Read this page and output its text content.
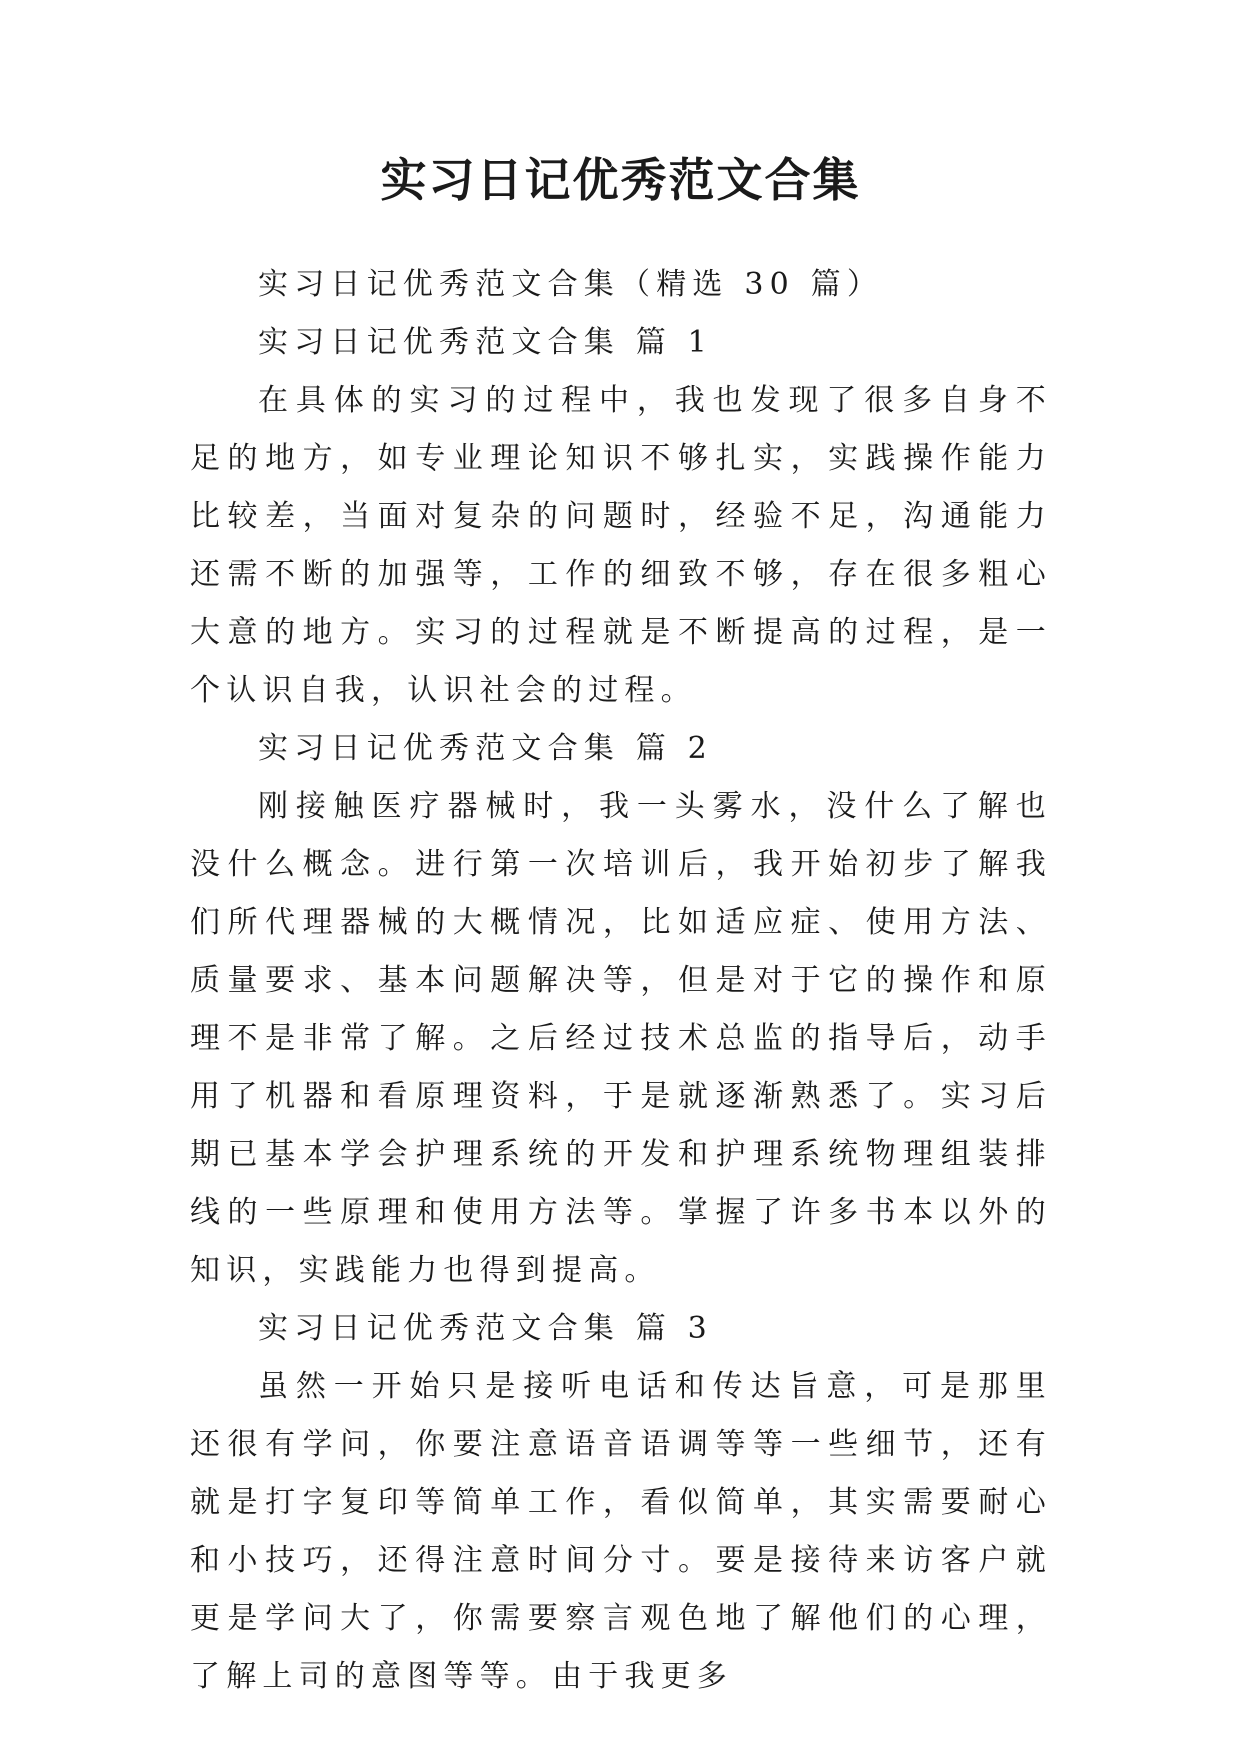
实习日记优秀范文合集

实习日记优秀范文合集（精选 30 篇）

实习日记优秀范文合集 篇 1

在具体的实习的过程中，我也发现了很多自身不足的地方，如专业理论知识不够扎实，实践操作能力比较差，当面对复杂的问题时，经验不足，沟通能力还需不断的加强等，工作的细致不够，存在很多粗心大意的地方。实习的过程就是不断提高的过程，是一个认识自我，认识社会的过程。

实习日记优秀范文合集 篇 2

刚接触医疗器械时，我一头雾水，没什么了解也没什么概念。进行第一次培训后，我开始初步了解我们所代理器械的大概情况，比如适应症、使用方法、质量要求、基本问题解决等，但是对于它的操作和原理不是非常了解。之后经过技术总监的指导后，动手用了机器和看原理资料，于是就逐渐熟悉了。实习后期已基本学会护理系统的开发和护理系统物理组装排线的一些原理和使用方法等。掌握了许多书本以外的知识，实践能力也得到提高。

实习日记优秀范文合集 篇 3

虽然一开始只是接听电话和传达旨意，可是那里还很有学问，你要注意语音语调等等一些细节，还有就是打字复印等简单工作，看似简单，其实需要耐心和小技巧，还得注意时间分寸。要是接待来访客户就更是学问大了，你需要察言观色地了解他们的心理，了解上司的意图等等。由于我更多
